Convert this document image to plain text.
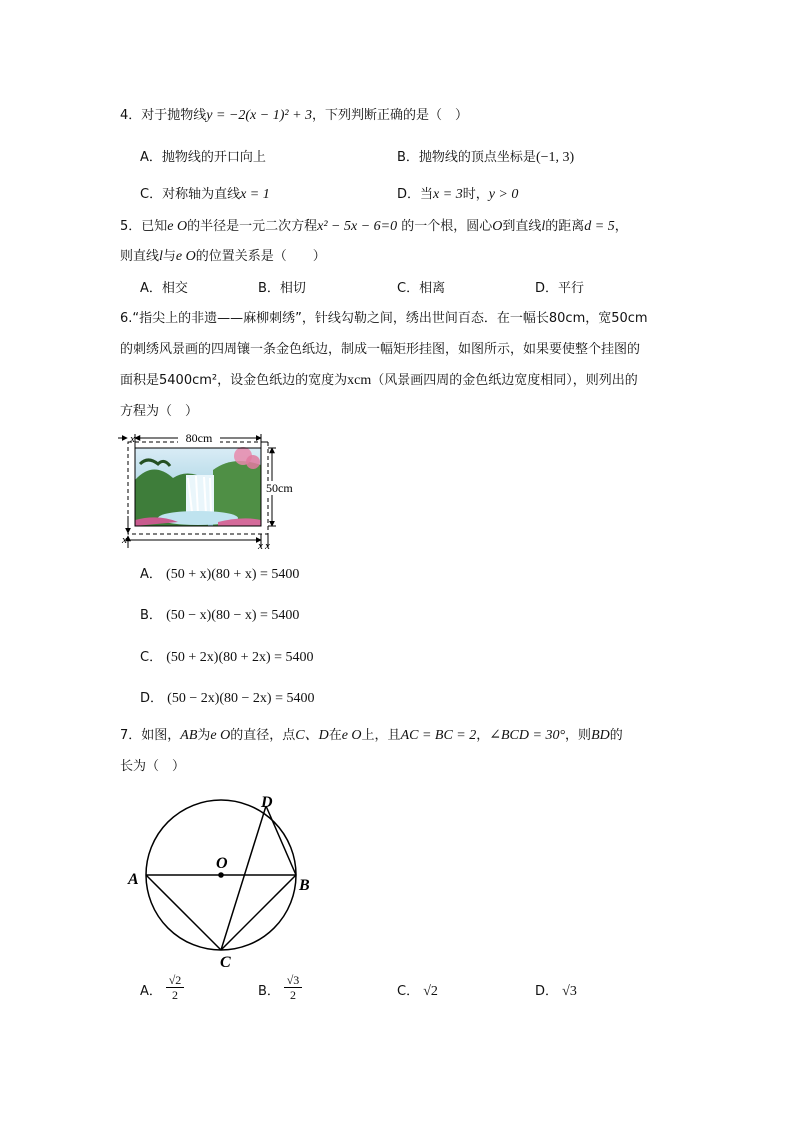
4．对于抛物线y = −2(x − 1)² + 3，下列判断正确的是（　）
A．抛物线的开口向上	B．抛物线的顶点坐标是(−1, 3)
C．对称轴为直线x = 1	D．当x = 3时，y > 0
5．已知e O的半径是一元二次方程x² − 5x − 6=0 的一个根，圆心O到直线l的距离d = 5，
则直线l与e O的位置关系是（　　）
A．相交	B．相切	C．相离	D．平行
6.“指尖上的非遗——麻柳刺绣”，针线勾勒之间，绣出世间百态．在一幅长80cm，宽50cm
的刺绣风景画的四周镶一条金色纸边，制成一幅矩形挂图，如图所示，如果要使整个挂图的
面积是5400cm²，设金色纸边的宽度为xcm（风景画四周的金色纸边宽度相同），则列出的
方程为（　）
80cm
x
50cm
x	x x
A． (50 + x)(80 + x) = 5400
B． (50 − x)(80 − x) = 5400
C． (50 + 2x)(80 + 2x) = 5400
D． (50 − 2x)(80 − 2x) = 5400
7．如图，AB为e O的直径，点C、D在e O上，且AC = BC = 2，∠BCD = 30°，则BD的
长为（　）
O
A	B
C
D
A． $\frac{√2}{2}$	B． $\frac{√3}{2}$	C． √2	D． √3
